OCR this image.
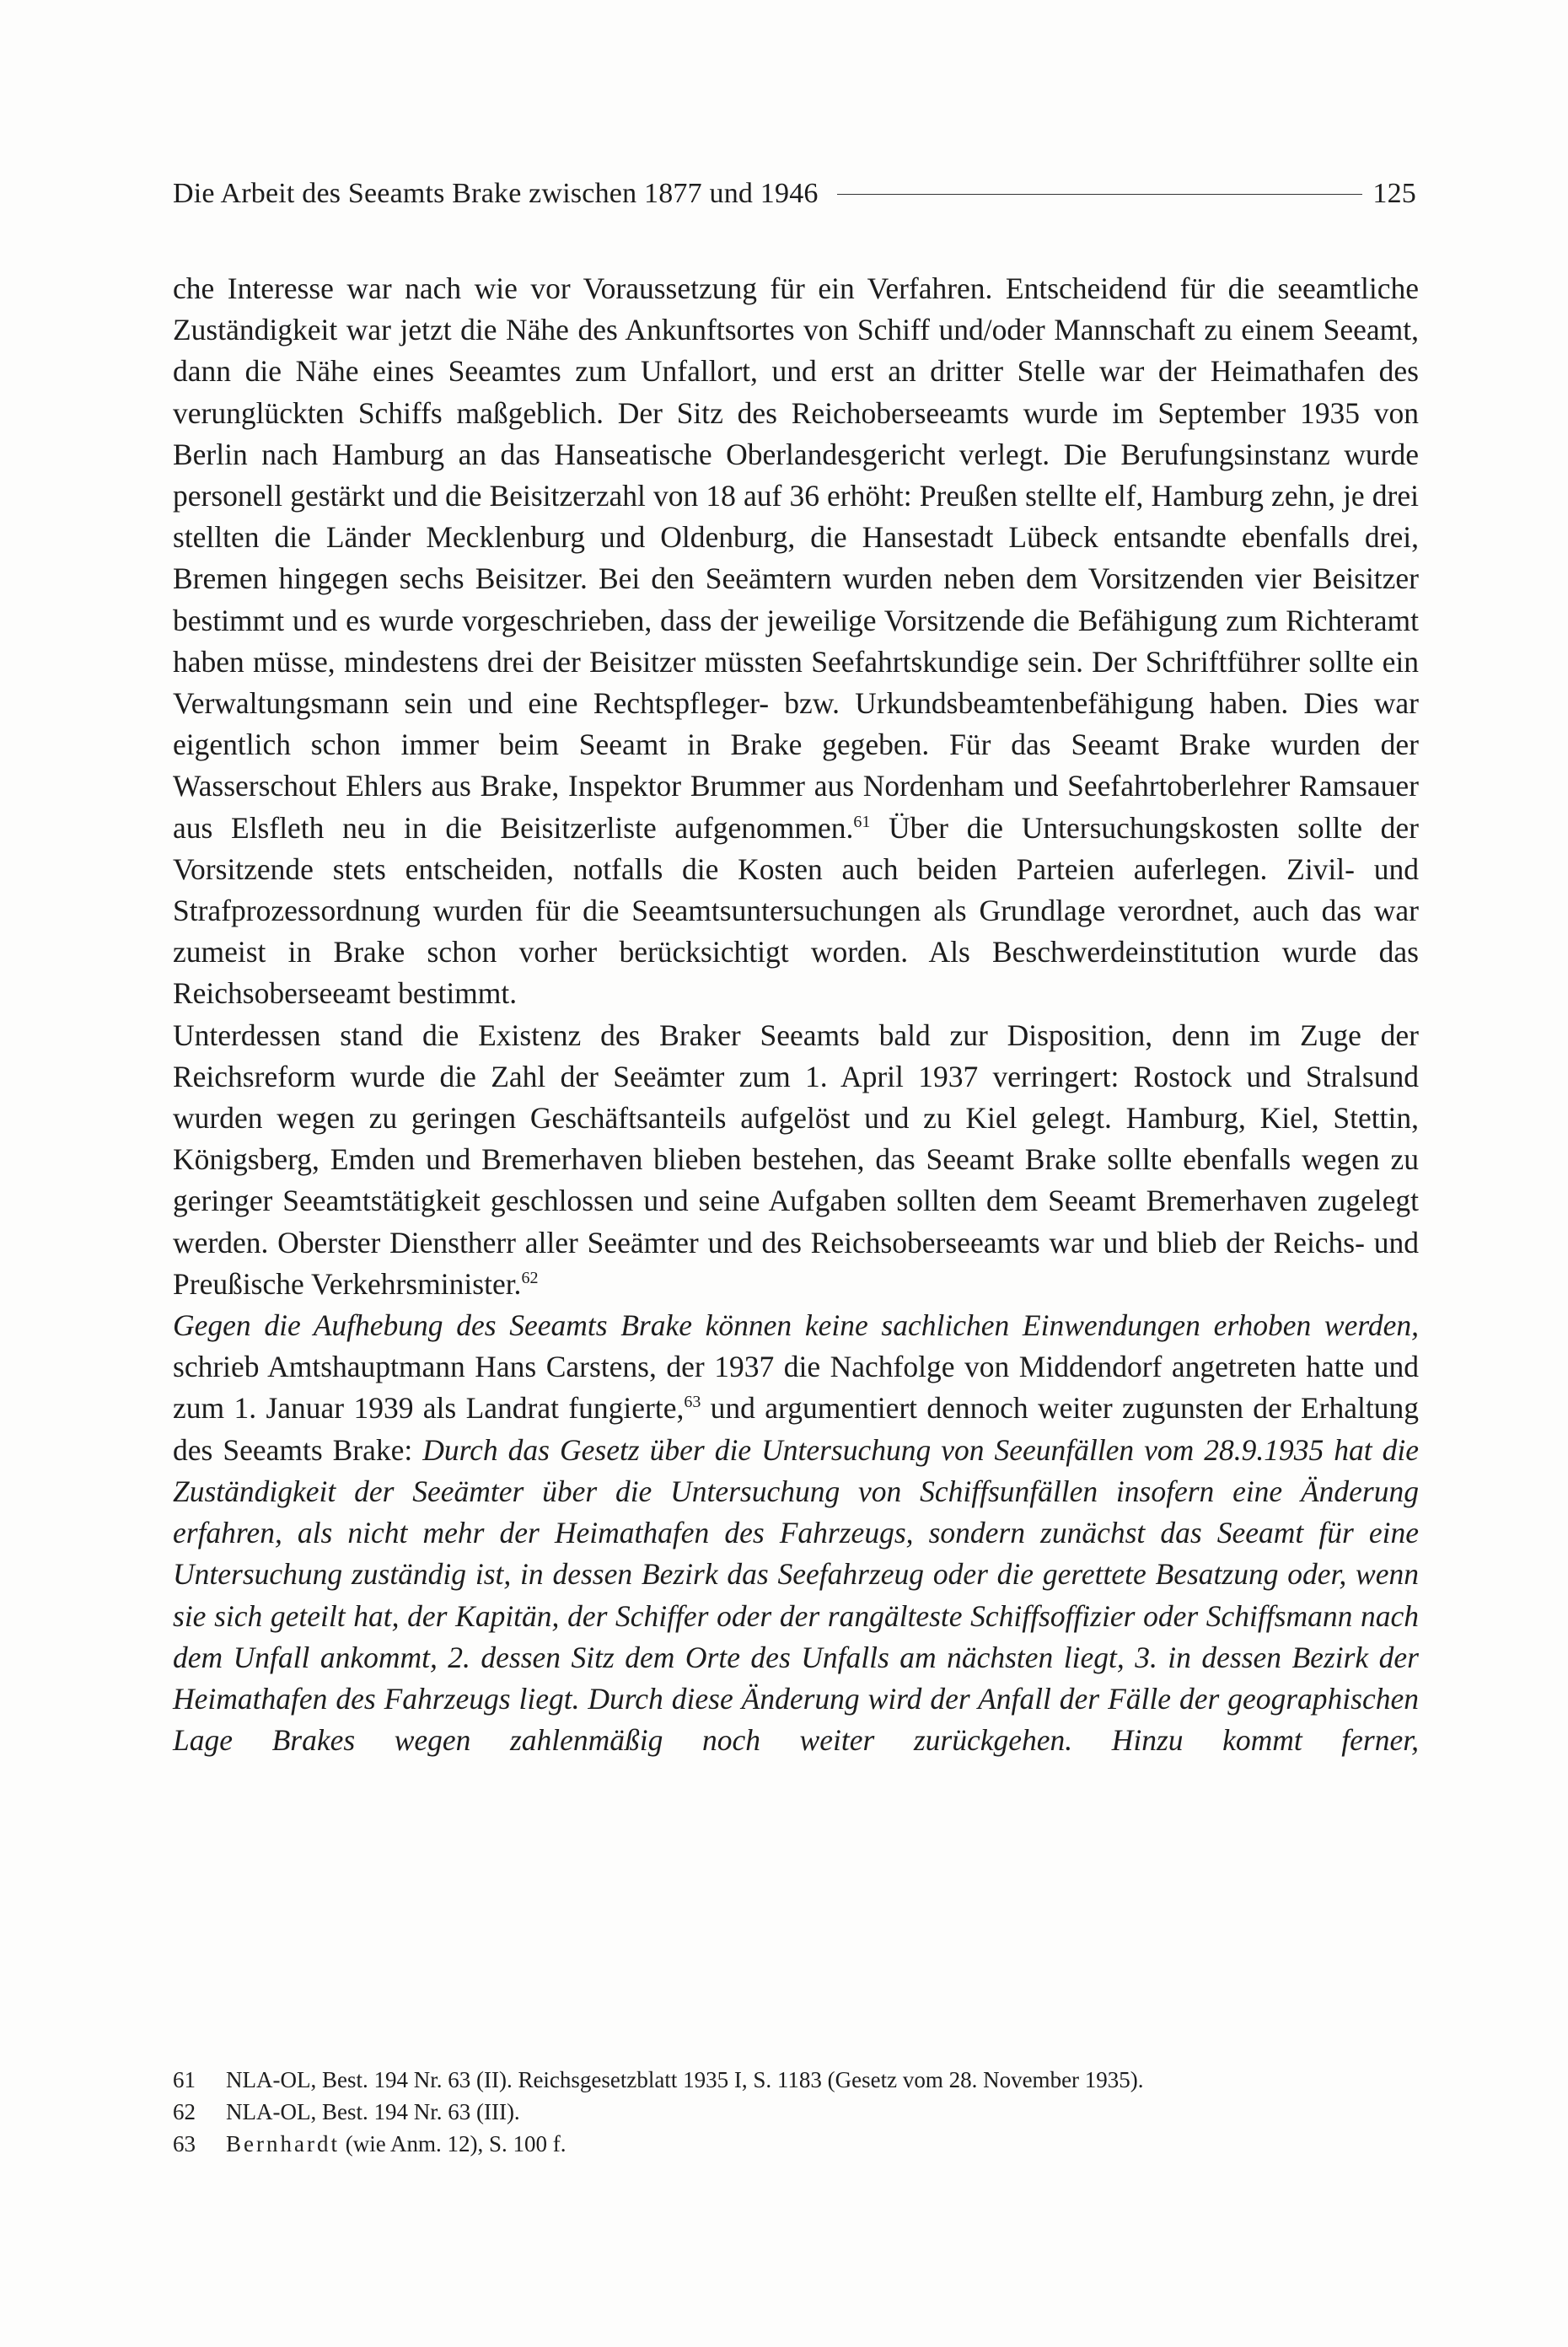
Die Arbeit des Seeamts Brake zwischen 1877 und 1946	125

che Interesse war nach wie vor Voraussetzung für ein Verfahren. Entscheidend für die seeamtliche Zuständigkeit war jetzt die Nähe des Ankunftsortes von Schiff und/oder Mannschaft zu einem Seeamt, dann die Nähe eines Seeamtes zum Unfallort, und erst an dritter Stelle war der Heimathafen des verunglückten Schiffs maßgeblich. Der Sitz des Reichoberseeamts wurde im September 1935 von Berlin nach Hamburg an das Hanseatische Oberlandesgericht verlegt. Die Berufungsinstanz wurde personell gestärkt und die Beisitzerzahl von 18 auf 36 erhöht: Preußen stellte elf, Hamburg zehn, je drei stellten die Länder Mecklenburg und Oldenburg, die Hansestadt Lübeck entsandte ebenfalls drei, Bremen hingegen sechs Beisitzer. Bei den Seeämtern wurden neben dem Vorsitzenden vier Beisitzer bestimmt und es wurde vorgeschrieben, dass der jeweilige Vorsitzende die Befähigung zum Richteramt haben müsse, mindestens drei der Beisitzer müssten Seefahrtskundige sein. Der Schriftführer sollte ein Verwaltungsmann sein und eine Rechtspfleger- bzw. Urkundsbeamtenbefähigung haben. Dies war eigentlich schon immer beim Seeamt in Brake gegeben. Für das Seeamt Brake wurden der Wasserschout Ehlers aus Brake, Inspektor Brummer aus Nordenham und Seefahrtoberlehrer Ramsauer aus Elsfleth neu in die Beisitzerliste aufgenommen.$^{61}$ Über die Untersuchungskosten sollte der Vorsitzende stets entscheiden, notfalls die Kosten auch beiden Parteien auferlegen. Zivil- und Strafprozessordnung wurden für die Seeamtsuntersuchungen als Grundlage verordnet, auch das war zumeist in Brake schon vorher berücksichtigt worden. Als Beschwerdeinstitution wurde das Reichsoberseeamt bestimmt.

Unterdessen stand die Existenz des Braker Seeamts bald zur Disposition, denn im Zuge der Reichsreform wurde die Zahl der Seeämter zum 1. April 1937 verringert: Rostock und Stralsund wurden wegen zu geringen Geschäftsanteils aufgelöst und zu Kiel gelegt. Hamburg, Kiel, Stettin, Königsberg, Emden und Bremerhaven blieben bestehen, das Seeamt Brake sollte ebenfalls wegen zu geringer Seeamtstätigkeit geschlossen und seine Aufgaben sollten dem Seeamt Bremerhaven zugelegt werden. Oberster Dienstherr aller Seeämter und des Reichsoberseeamts war und blieb der Reichs- und Preußische Verkehrsminister.$^{62}$

Gegen die Aufhebung des Seeamts Brake können keine sachlichen Einwendungen erhoben werden, schrieb Amtshauptmann Hans Carstens, der 1937 die Nachfolge von Middendorf angetreten hatte und zum 1. Januar 1939 als Landrat fungierte,$^{63}$ und argumentiert dennoch weiter zugunsten der Erhaltung des Seeamts Brake: Durch das Gesetz über die Untersuchung von Seeunfällen vom 28.9.1935 hat die Zuständigkeit der Seeämter über die Untersuchung von Schiffsunfällen insofern eine Änderung erfahren, als nicht mehr der Heimathafen des Fahrzeugs, sondern zunächst das Seeamt für eine Untersuchung zuständig ist, in dessen Bezirk das Seefahrzeug oder die gerettete Besatzung oder, wenn sie sich geteilt hat, der Kapitän, der Schiffer oder der rangälteste Schiffsoffizier oder Schiffsmann nach dem Unfall ankommt, 2. dessen Sitz dem Orte des Unfalls am nächsten liegt, 3. in dessen Bezirk der Heimathafen des Fahrzeugs liegt. Durch diese Änderung wird der Anfall der Fälle der geographischen Lage Brakes wegen zahlenmäßig noch weiter zurückgehen. Hinzu kommt ferner,

61	NLA-OL, Best. 194 Nr. 63 (II). Reichsgesetzblatt 1935 I, S. 1183 (Gesetz vom 28. November 1935).
62	NLA-OL, Best. 194 Nr. 63 (III).
63	Bernhardt (wie Anm. 12), S. 100 f.
